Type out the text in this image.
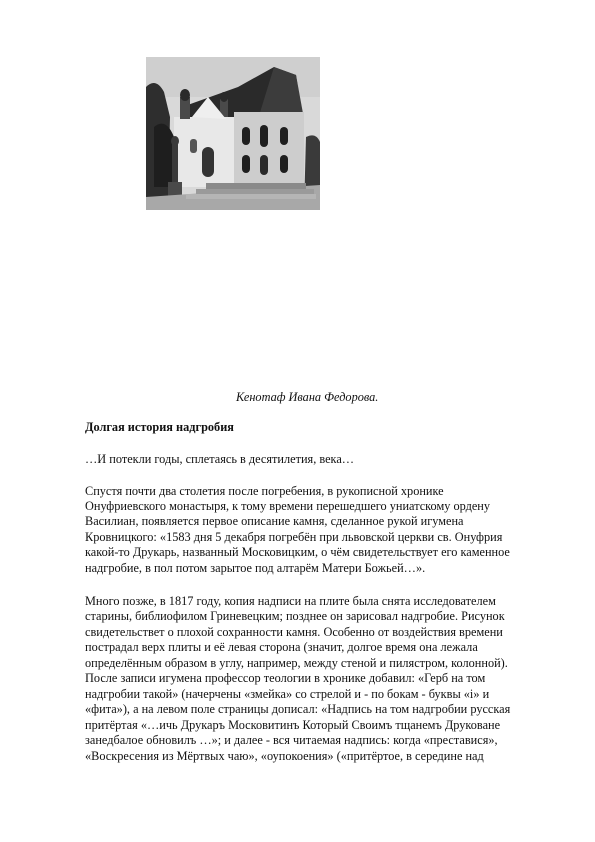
Кенотаф Ивана Федорова.
Долгая история надгробия
…И потекли годы, сплетаясь в десятилетия, века…
Спустя почти два столетия после погребения, в рукописной хронике
Онуфриевского монастыря, к тому времени перешедшего униатскому ордену
Василиан, появляется первое описание камня, сделанное рукой игумена
Кровницкого: «1583 дня 5 декабря погребён при львовской церкви св. Онуфрия
какой-то Друкарь, названный Московицким, о чём свидетельствует его каменное
надгробие, в пол потом зарытое под алтарём Матери Божьей…».
Много позже, в 1817 году, копия надписи на плите была снята исследователем
старины, библиофилом Гриневецким; позднее он зарисовал надгробие. Рисунок
свидетельствет о плохой сохранности камня. Особенно от воздействия времени
пострадал верх плиты и её левая сторона (значит, долгое время она лежала
определённым образом в углу, например, между стеной и пилястром, колонной).
После записи игумена профессор теологии в хронике добавил: «Герб на том
надгробии такой» (начерчены «змейка» со стрелой и - по бокам - буквы «і» и
«фита»), а на левом поле страницы дописал: «Надпись на том надгробии русская
притёртая «…ичь Друкаръ Московитинъ Который Своимъ тщанемъ Друковане
занедбалое обновилъ …»; и далее - вся читаемая надпись: когда «преставися»,
«Воскресения из Мёртвых чаю», «оупокоения» («притёртое, в середине над
